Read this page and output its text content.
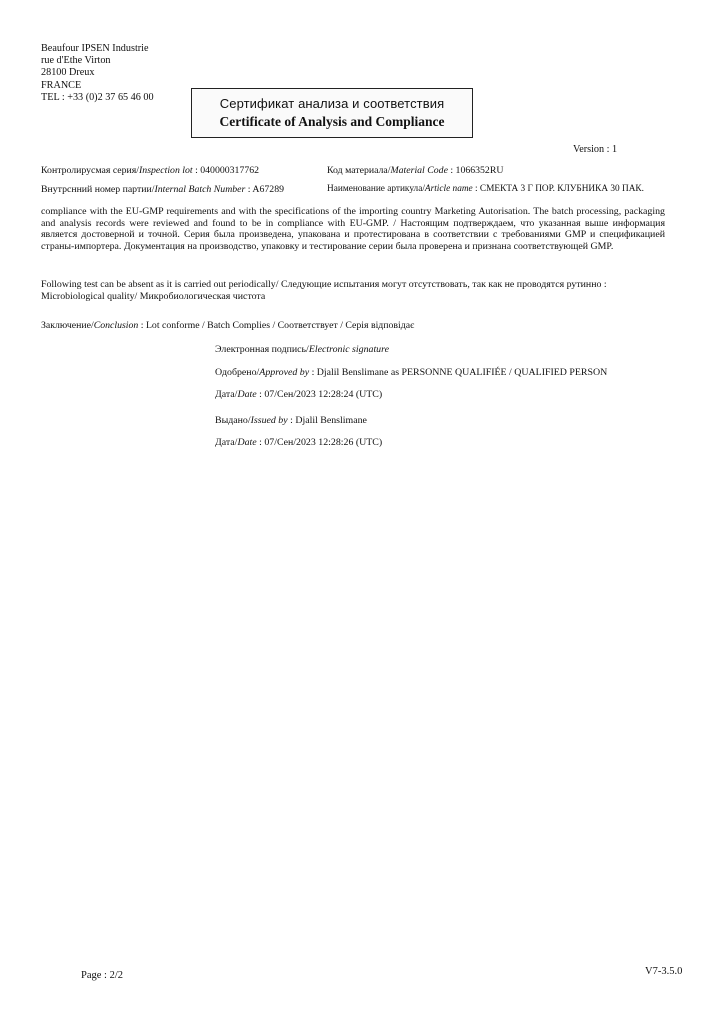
Beaufour IPSEN Industrie
rue d'Ethe Virton
28100 Dreux
FRANCE
TEL : +33 (0)2 37 65 46 00	Сертификат анализа и соответствия
Certificate of Analysis and Compliance
Version : 1
Контролирусмая серия/Inspection lot : 040000317762	Код материала/Material Code : 1066352RU
Внутрснний номер партии/Internal Batch Number : A67289	Наименование артикула/Article name : СМЕКТА 3 Г ПОР. КЛУБНИКА 30 ПАК.
compliance with the EU-GMP requirements and with the specifications of the importing country Marketing Autorisation. The batch processing, packaging and analysis records were reviewed and found to be in compliance with EU-GMP. / Настоящим подтверждаем, что указанная выше информация является достоверной и точной. Серия была произведена, упакована и протестирована в соответствии с требованиями GMP и спецификацией страны-импортера. Документация на производство, упаковку и тестирование серии была проверена и признана соответствующей GMP.
Following test can be absent as it is carried out periodically/ Следующие испытания могут отсутствовать, так как не проводятся рутинно :
Microbiological quality/ Микробиологическая чистота
Заключение/Conclusion : Lot conforme / Batch Complies / Соответствует / Серія відповідає
Электронная подпись/Electronic signature
Одобрено/Approved by : Djalil Benslimane as PERSONNE QUALIFIÉE / QUALIFIED PERSON
Дата/Date : 07/Сен/2023 12:28:24 (UTC)
Выдано/Issued by : Djalil Benslimane
Дата/Date : 07/Сен/2023 12:28:26 (UTC)
Page : 2/2	V7-3.5.0
